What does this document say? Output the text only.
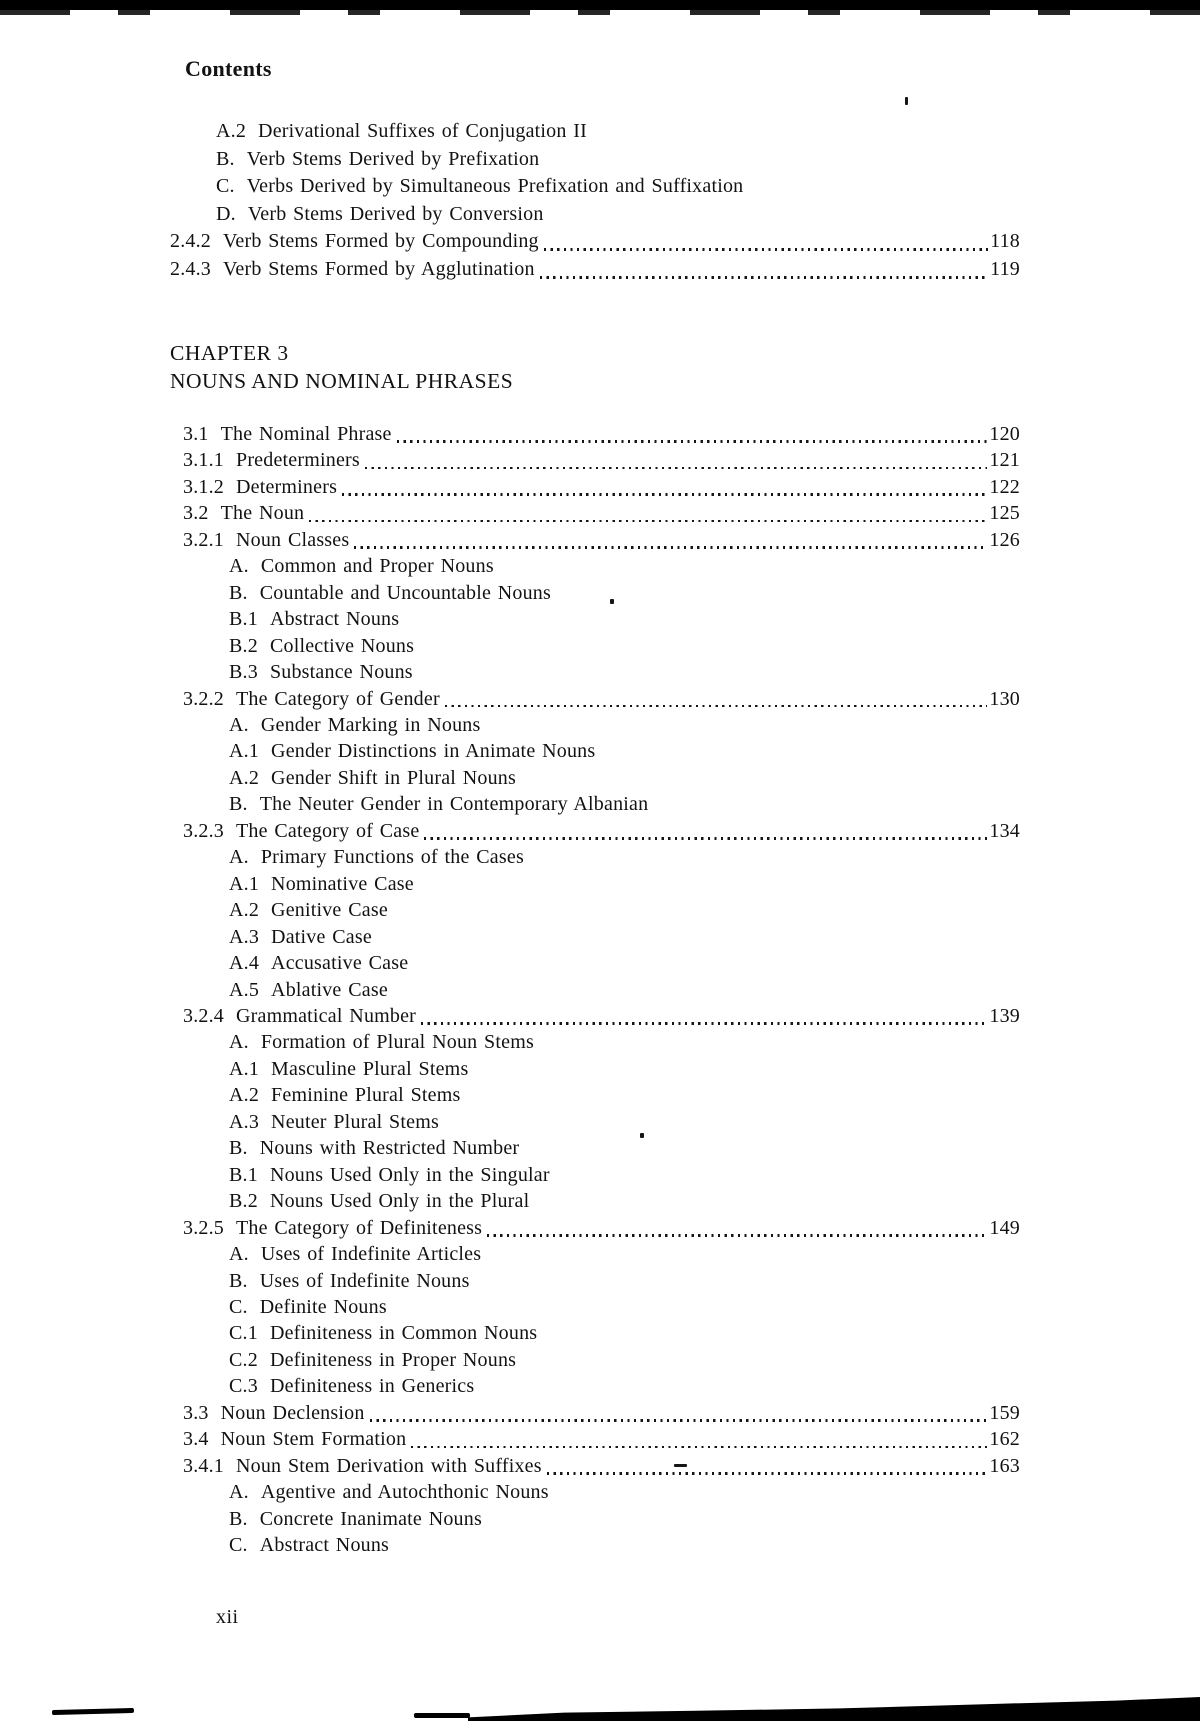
Contents
A.2 Derivational Suffixes of Conjugation II
B. Verb Stems Derived by Prefixation
C. Verbs Derived by Simultaneous Prefixation and Suffixation
D. Verb Stems Derived by Conversion
2.4.2 Verb Stems Formed by Compounding	118
2.4.3 Verb Stems Formed by Agglutination	119
CHAPTER 3
NOUNS AND NOMINAL PHRASES
3.1 The Nominal Phrase	120
3.1.1 Predeterminers	121
3.1.2 Determiners	122
3.2 The Noun	125
3.2.1 Noun Classes	126
A. Common and Proper Nouns
B. Countable and Uncountable Nouns
B.1 Abstract Nouns
B.2 Collective Nouns
B.3 Substance Nouns
3.2.2 The Category of Gender	130
A. Gender Marking in Nouns
A.1 Gender Distinctions in Animate Nouns
A.2 Gender Shift in Plural Nouns
B. The Neuter Gender in Contemporary Albanian
3.2.3 The Category of Case	134
A. Primary Functions of the Cases
A.1 Nominative Case
A.2 Genitive Case
A.3 Dative Case
A.4 Accusative Case
A.5 Ablative Case
3.2.4 Grammatical Number	139
A. Formation of Plural Noun Stems
A.1 Masculine Plural Stems
A.2 Feminine Plural Stems
A.3 Neuter Plural Stems
B. Nouns with Restricted Number
B.1 Nouns Used Only in the Singular
B.2 Nouns Used Only in the Plural
3.2.5 The Category of Definiteness	149
A. Uses of Indefinite Articles
B. Uses of Indefinite Nouns
C. Definite Nouns
C.1 Definiteness in Common Nouns
C.2 Definiteness in Proper Nouns
C.3 Definiteness in Generics
3.3 Noun Declension	159
3.4 Noun Stem Formation	162
3.4.1 Noun Stem Derivation with Suffixes	163
A. Agentive and Autochthonic Nouns
B. Concrete Inanimate Nouns
C. Abstract Nouns
xii
